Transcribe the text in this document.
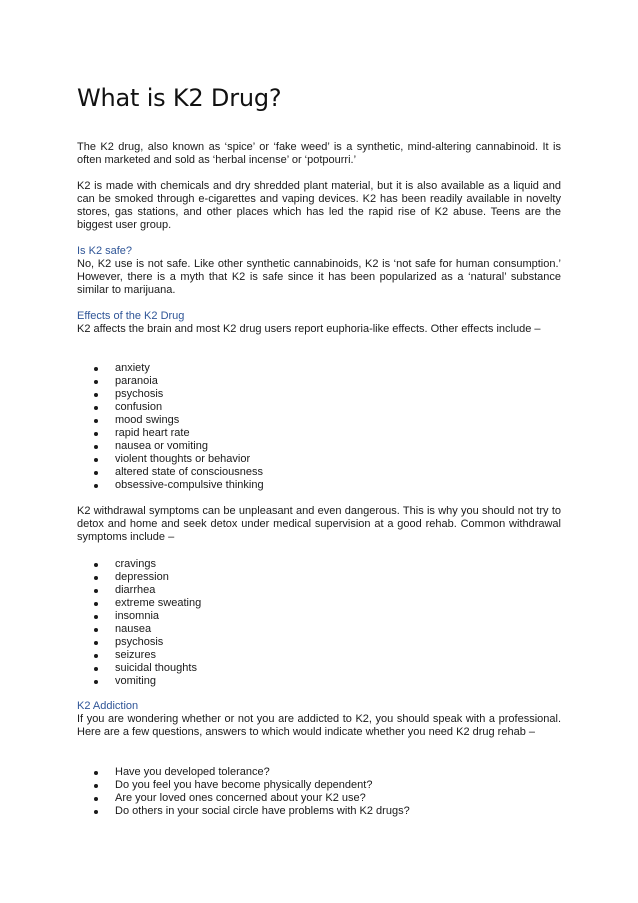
What is K2 Drug?

The K2 drug, also known as ‘spice’ or ‘fake weed’ is a synthetic, mind-altering cannabinoid. It is often marketed and sold as ‘herbal incense’ or ‘potpourri.’

K2 is made with chemicals and dry shredded plant material, but it is also available as a liquid and can be smoked through e-cigarettes and vaping devices. K2 has been readily available in novelty stores, gas stations, and other places which has led the rapid rise of K2 abuse. Teens are the biggest user group.

Is K2 safe?

No, K2 use is not safe. Like other synthetic cannabinoids, K2 is ‘not safe for human consumption.’ However, there is a myth that K2 is safe since it has been popularized as a ‘natural’ substance similar to marijuana.

Effects of the K2 Drug

K2 affects the brain and most K2 drug users report euphoria-like effects. Other effects include –

anxiety
paranoia
psychosis
confusion
mood swings
rapid heart rate
nausea or vomiting
violent thoughts or behavior
altered state of consciousness
obsessive-compulsive thinking

K2 withdrawal symptoms can be unpleasant and even dangerous. This is why you should not try to detox and home and seek detox under medical supervision at a good rehab. Common withdrawal symptoms include –

cravings
depression
diarrhea
extreme sweating
insomnia
nausea
psychosis
seizures
suicidal thoughts
vomiting
K2 Addiction

If you are wondering whether or not you are addicted to K2, you should speak with a professional. Here are a few questions, answers to which would indicate whether you need K2 drug rehab –

Have you developed tolerance?
Do you feel you have become physically dependent?
Are your loved ones concerned about your K2 use?
Do others in your social circle have problems with K2 drugs?
